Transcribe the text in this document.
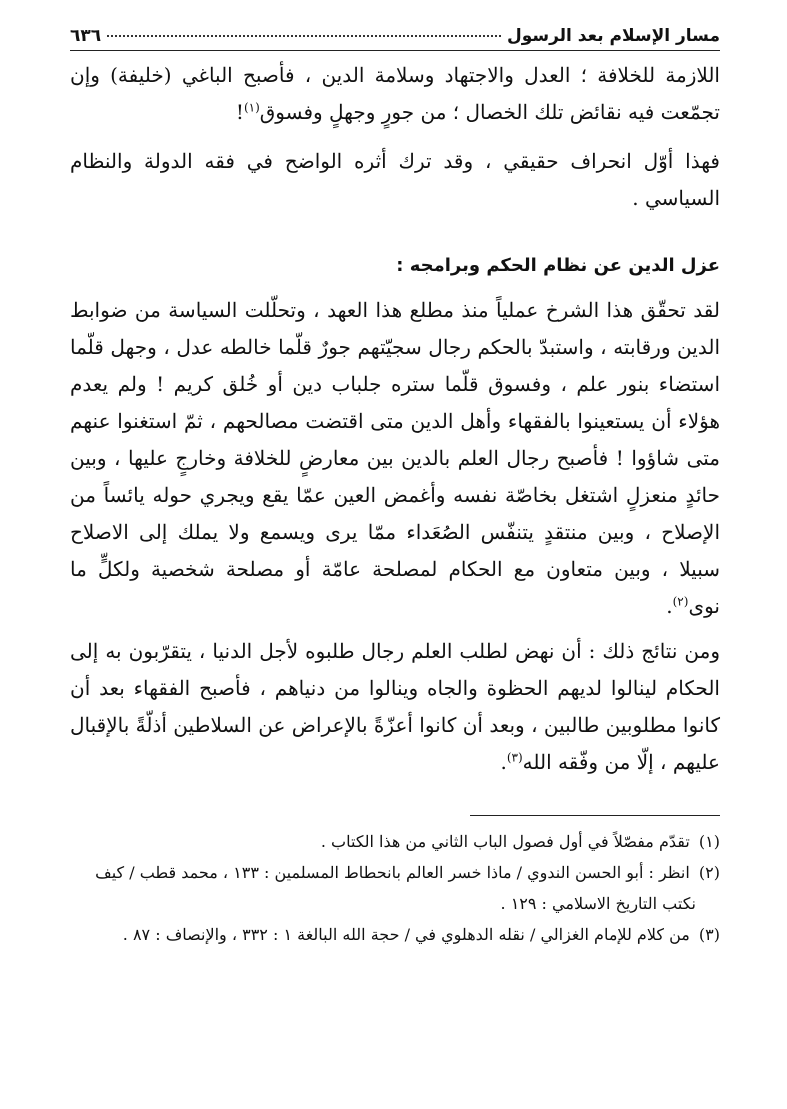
مسار الإسلام بعد الرسول
٦٣٦

اللازمة للخلافة ؛ العدل والاجتهاد وسلامة الدين ، فأصبح الباغي (خليفة) وإن تجمّعت فيه نقائض تلك الخصال ؛ من جورٍ وجهلٍ وفسوق$^{(١)}$!

فهذا أوّل انحراف حقيقي ، وقد ترك أثره الواضح في فقه الدولة والنظام السياسي .

عزل الدين عن نظام الحكم وبرامجه :

لقد تحقّق هذا الشرخ عملياً منذ مطلع هذا العهد ، وتحلّلت السياسة من ضوابط الدين ورقابته ، واستبدّ بالحكم رجال سجيّتهم جورٌ قلّما خالطه عدل ، وجهل قلّما استضاء بنور علم ، وفسوق قلّما ستره جلباب دين أو خُلق كريم ! ولم يعدم هؤلاء أن يستعينوا بالفقهاء وأهل الدين متى اقتضت مصالحهم ، ثمّ استغنوا عنهم متى شاؤوا ! فأصبح رجال العلم بالدين بين معارضٍ للخلافة وخارجٍ عليها ، وبين حائدٍ منعزلٍ اشتغل بخاصّة نفسه وأغمض العين عمّا يقع ويجري حوله يائساً من الإصلاح ، وبين منتقدٍ يتنفّس الصُعَداء ممّا يرى ويسمع ولا يملك إلى الاصلاح سبيلا ، وبين متعاون مع الحكام لمصلحة عامّة أو مصلحة شخصية ولكلٍّ ما نوى$^{(٢)}$.

ومن نتائج ذلك : أن نهض لطلب العلم رجال طلبوه لأجل الدنيا ، يتقرّبون به إلى الحكام لينالوا لديهم الحظوة والجاه وينالوا من دنياهم ، فأصبح الفقهاء بعد أن كانوا مطلوبين طالبين ، وبعد أن كانوا أعزّةً بالإعراض عن السلاطين أذلّةً بالإقبال عليهم ، إلّا من وفّقه الله$^{(٣)}$.

(١) تقدّم مفصّلاً في أول فصول الباب الثاني من هذا الكتاب .

(٢) انظر : أبو الحسن الندوي / ماذا خسر العالم بانحطاط المسلمين : ١٣٣ ، محمد قطب / كيف
نكتب التاريخ الاسلامي : ١٢٩ .

(٣) من كلام للإمام الغزالي / نقله الدهلوي في / حجة الله البالغة ١ : ٣٣٢ ، والإنصاف : ٨٧ .
